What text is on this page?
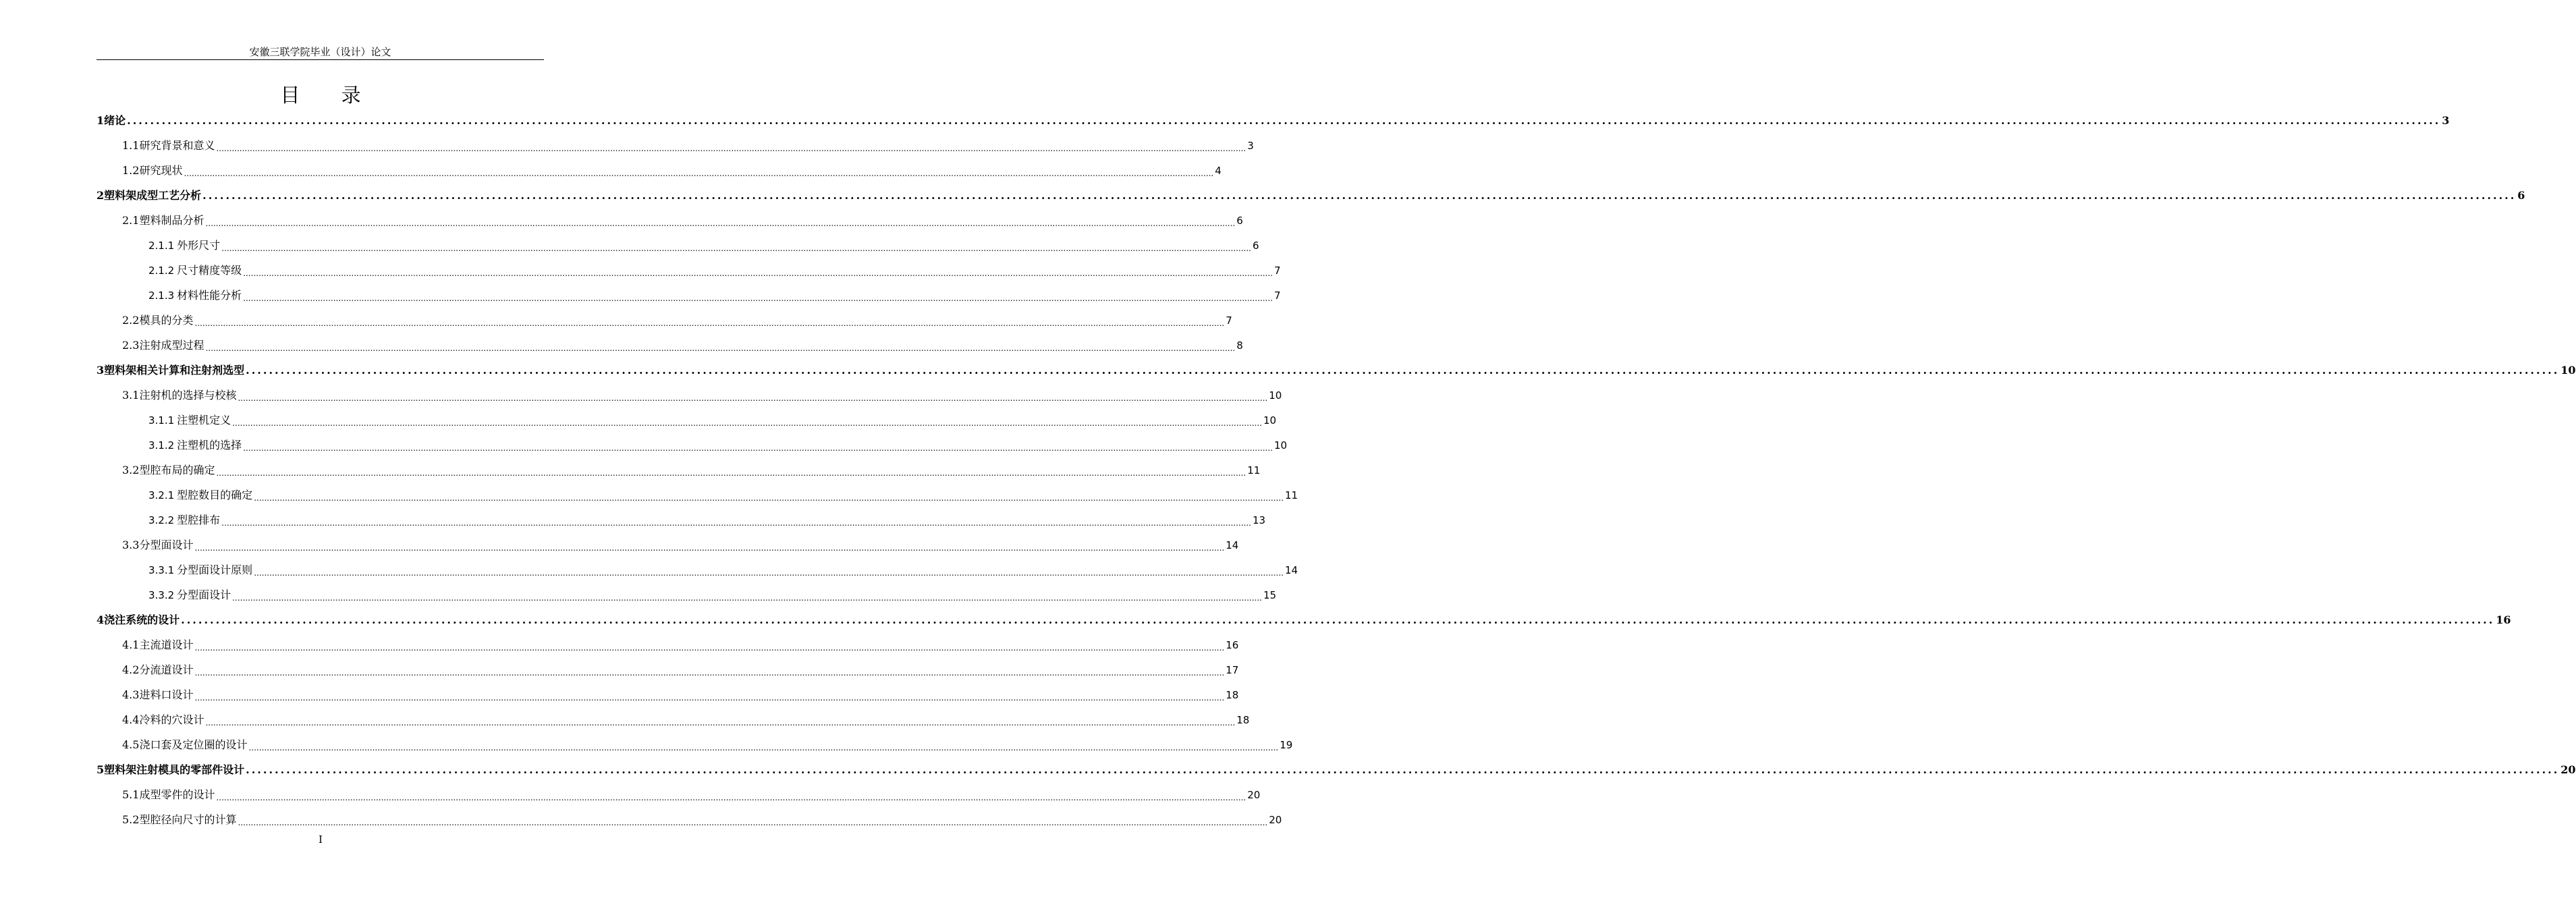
安徽三联学院毕业（设计）论文
目 录
1 绪论 ................................................................................................................................................................................................................................................................................................................................................................................................................ 3
1.1 研究背景和意义 ................................................................................................................................................................................................................................................................................................................................................................................................................ 3
1.2 研究现状 ................................................................................................................................................................................................................................................................................................................................................................................................................ 4
2 塑料架成型工艺分析 ................................................................................................................................................................................................................................................................................................................................................................................................................ 6
2.1 塑料制品分析 ................................................................................................................................................................................................................................................................................................................................................................................................................ 6
2.1.1 外形尺寸 ................................................................................................................................................................................................................................................................................................................................................................................................................ 6
2.1.2 尺寸精度等级 ................................................................................................................................................................................................................................................................................................................................................................................................................ 7
2.1.3 材料性能分析 ................................................................................................................................................................................................................................................................................................................................................................................................................ 7
2.2 模具的分类 ................................................................................................................................................................................................................................................................................................................................................................................................................ 7
2.3 注射成型过程 ................................................................................................................................................................................................................................................................................................................................................................................................................ 8
3 塑料架相关计算和注射剂选型 ................................................................................................................................................................................................................................................................................................................................................................................................................ 10
3.1 注射机的选择与校核 ................................................................................................................................................................................................................................................................................................................................................................................................................ 10
3.1.1 注塑机定义 ................................................................................................................................................................................................................................................................................................................................................................................................................ 10
3.1.2 注塑机的选择 ................................................................................................................................................................................................................................................................................................................................................................................................................ 10
3.2 型腔布局的确定 ................................................................................................................................................................................................................................................................................................................................................................................................................ 11
3.2.1 型腔数目的确定 ................................................................................................................................................................................................................................................................................................................................................................................................................ 11
3.2.2 型腔排布 ................................................................................................................................................................................................................................................................................................................................................................................................................ 13
3.3 分型面设计 ................................................................................................................................................................................................................................................................................................................................................................................................................ 14
3.3.1 分型面设计原则 ................................................................................................................................................................................................................................................................................................................................................................................................................ 14
3.3.2 分型面设计 ................................................................................................................................................................................................................................................................................................................................................................................................................ 15
4 浇注系统的设计 ................................................................................................................................................................................................................................................................................................................................................................................................................ 16
4.1 主流道设计 ................................................................................................................................................................................................................................................................................................................................................................................................................ 16
4.2 分流道设计 ................................................................................................................................................................................................................................................................................................................................................................................................................ 17
4.3 进料口设计 ................................................................................................................................................................................................................................................................................................................................................................................................................ 18
4.4 冷料的穴设计 ................................................................................................................................................................................................................................................................................................................................................................................................................ 18
4.5 浇口套及定位圈的设计 ................................................................................................................................................................................................................................................................................................................................................................................................................ 19
5 塑料架注射模具的零部件设计 ................................................................................................................................................................................................................................................................................................................................................................................................................ 20
5.1 成型零件的设计 ................................................................................................................................................................................................................................................................................................................................................................................................................ 20
5.2 型腔径向尺寸的计算 ................................................................................................................................................................................................................................................................................................................................................................................................................ 20
I
